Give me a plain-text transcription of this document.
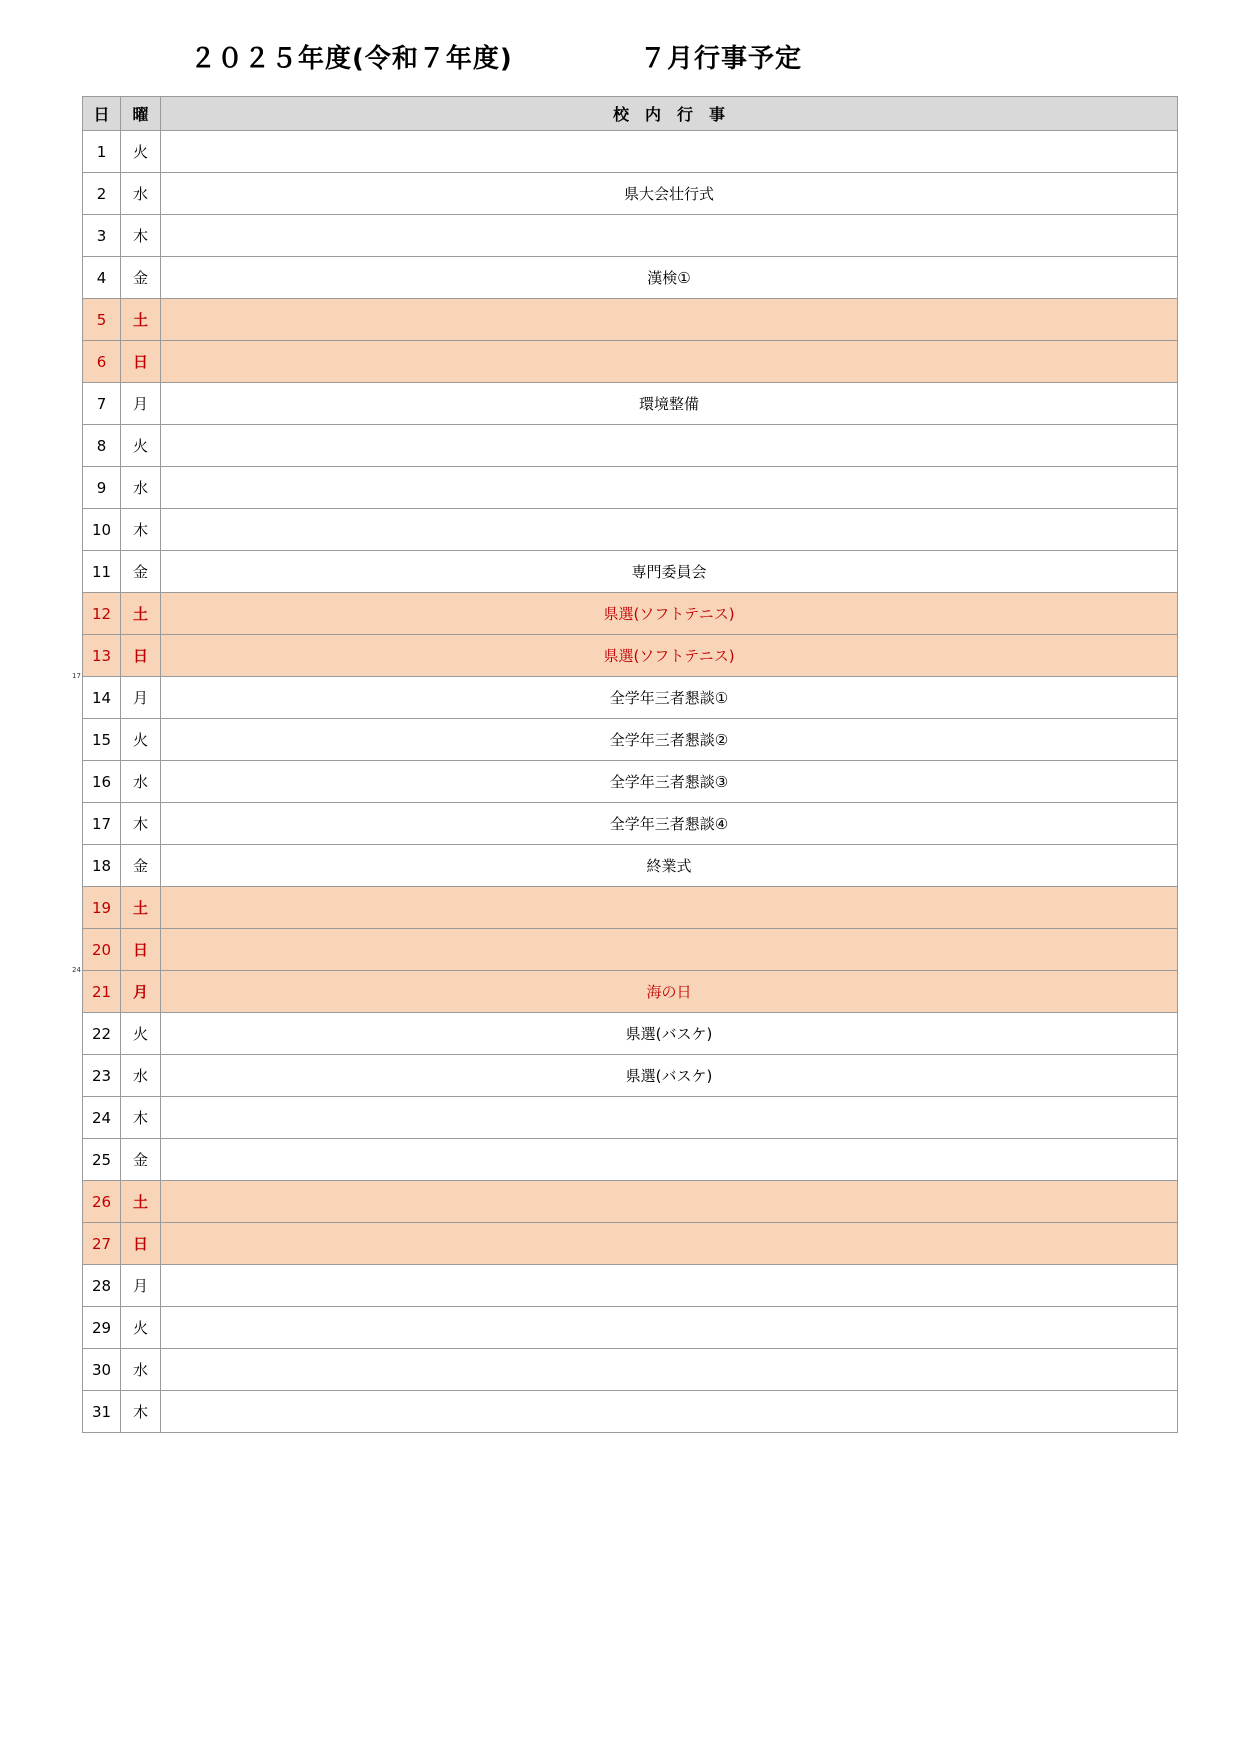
２０２５年度(令和７年度)	７月行事予定
17
24
日	曜	校　内　行　事
1	火	
2	水	県大会壮行式
3	木	
4	金	漢検①
5	土	
6	日	
7	月	環境整備
8	火	
9	水	
10	木	
11	金	専門委員会
12	土	県選(ソフトテニス)
13	日	県選(ソフトテニス)
14	月	全学年三者懇談①
15	火	全学年三者懇談②
16	水	全学年三者懇談③
17	木	全学年三者懇談④
18	金	終業式
19	土	
20	日	
21	月	海の日
22	火	県選(バスケ)
23	水	県選(バスケ)
24	木	
25	金	
26	土	
27	日	
28	月	
29	火	
30	水	
31	木	
